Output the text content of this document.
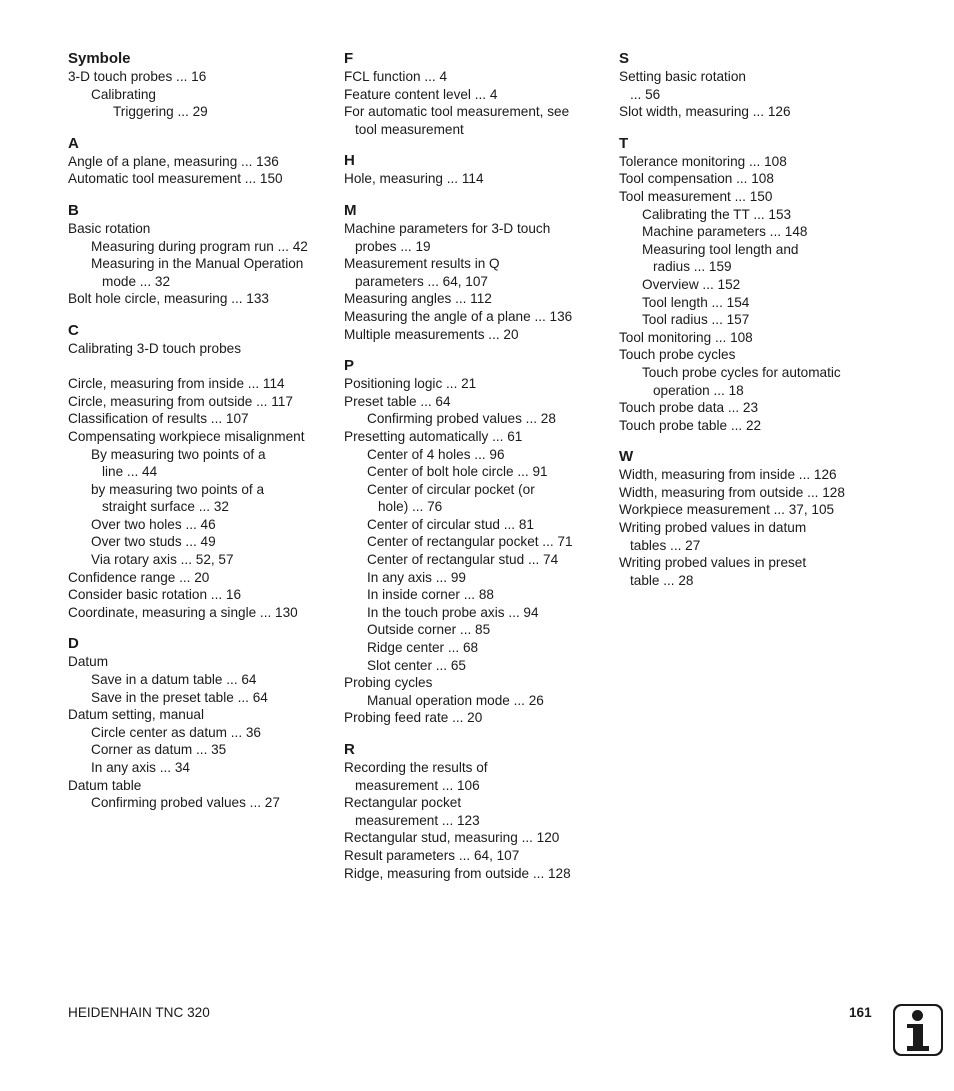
Symbole
3-D touch probes ... 16
Calibrating
Triggering ... 29
A
Angle of a plane, measuring ... 136
Automatic tool measurement ... 150
B
Basic rotation
Measuring during program run ... 42
Measuring in the Manual Operation
mode ... 32
Bolt hole circle, measuring ... 133
C
Calibrating 3-D touch probes
Circle, measuring from inside ... 114
Circle, measuring from outside ... 117
Classification of results ... 107
Compensating workpiece misalignment
By measuring two points of a
line ... 44
by measuring two points of a
straight surface ... 32
Over two holes ... 46
Over two studs ... 49
Via rotary axis ... 52, 57
Confidence range ... 20
Consider basic rotation ... 16
Coordinate, measuring a single ... 130
D
Datum
Save in a datum table ... 64
Save in the preset table ... 64
Datum setting, manual
Circle center as datum ... 36
Corner as datum ... 35
In any axis ... 34
Datum table
Confirming probed values ... 27
F
FCL function ... 4
Feature content level ... 4
For automatic tool measurement, see
tool measurement
H
Hole, measuring ... 114
M
Machine parameters for 3-D touch
probes ... 19
Measurement results in Q
parameters ... 64, 107
Measuring angles ... 112
Measuring the angle of a plane ... 136
Multiple measurements ... 20
P
Positioning logic ... 21
Preset table ... 64
Confirming probed values ... 28
Presetting automatically ... 61
Center of 4 holes ... 96
Center of bolt hole circle ... 91
Center of circular pocket (or
hole) ... 76
Center of circular stud ... 81
Center of rectangular pocket ... 71
Center of rectangular stud ... 74
In any axis ... 99
In inside corner ... 88
In the touch probe axis ... 94
Outside corner ... 85
Ridge center ... 68
Slot center ... 65
Probing cycles
Manual operation mode ... 26
Probing feed rate ... 20
R
Recording the results of
measurement ... 106
Rectangular pocket
measurement ... 123
Rectangular stud, measuring ... 120
Result parameters ... 64, 107
Ridge, measuring from outside ... 128
S
Setting basic rotation
... 56
Slot width, measuring ... 126
T
Tolerance monitoring ... 108
Tool compensation ... 108
Tool measurement ... 150
Calibrating the TT ... 153
Machine parameters ... 148
Measuring tool length and
radius ... 159
Overview ... 152
Tool length ... 154
Tool radius ... 157
Tool monitoring ... 108
Touch probe cycles
Touch probe cycles for automatic
operation ... 18
Touch probe data ... 23
Touch probe table ... 22
W
Width, measuring from inside ... 126
Width, measuring from outside ... 128
Workpiece measurement ... 37, 105
Writing probed values in datum
tables ... 27
Writing probed values in preset
table ... 28
HEIDENHAIN TNC 320	161
